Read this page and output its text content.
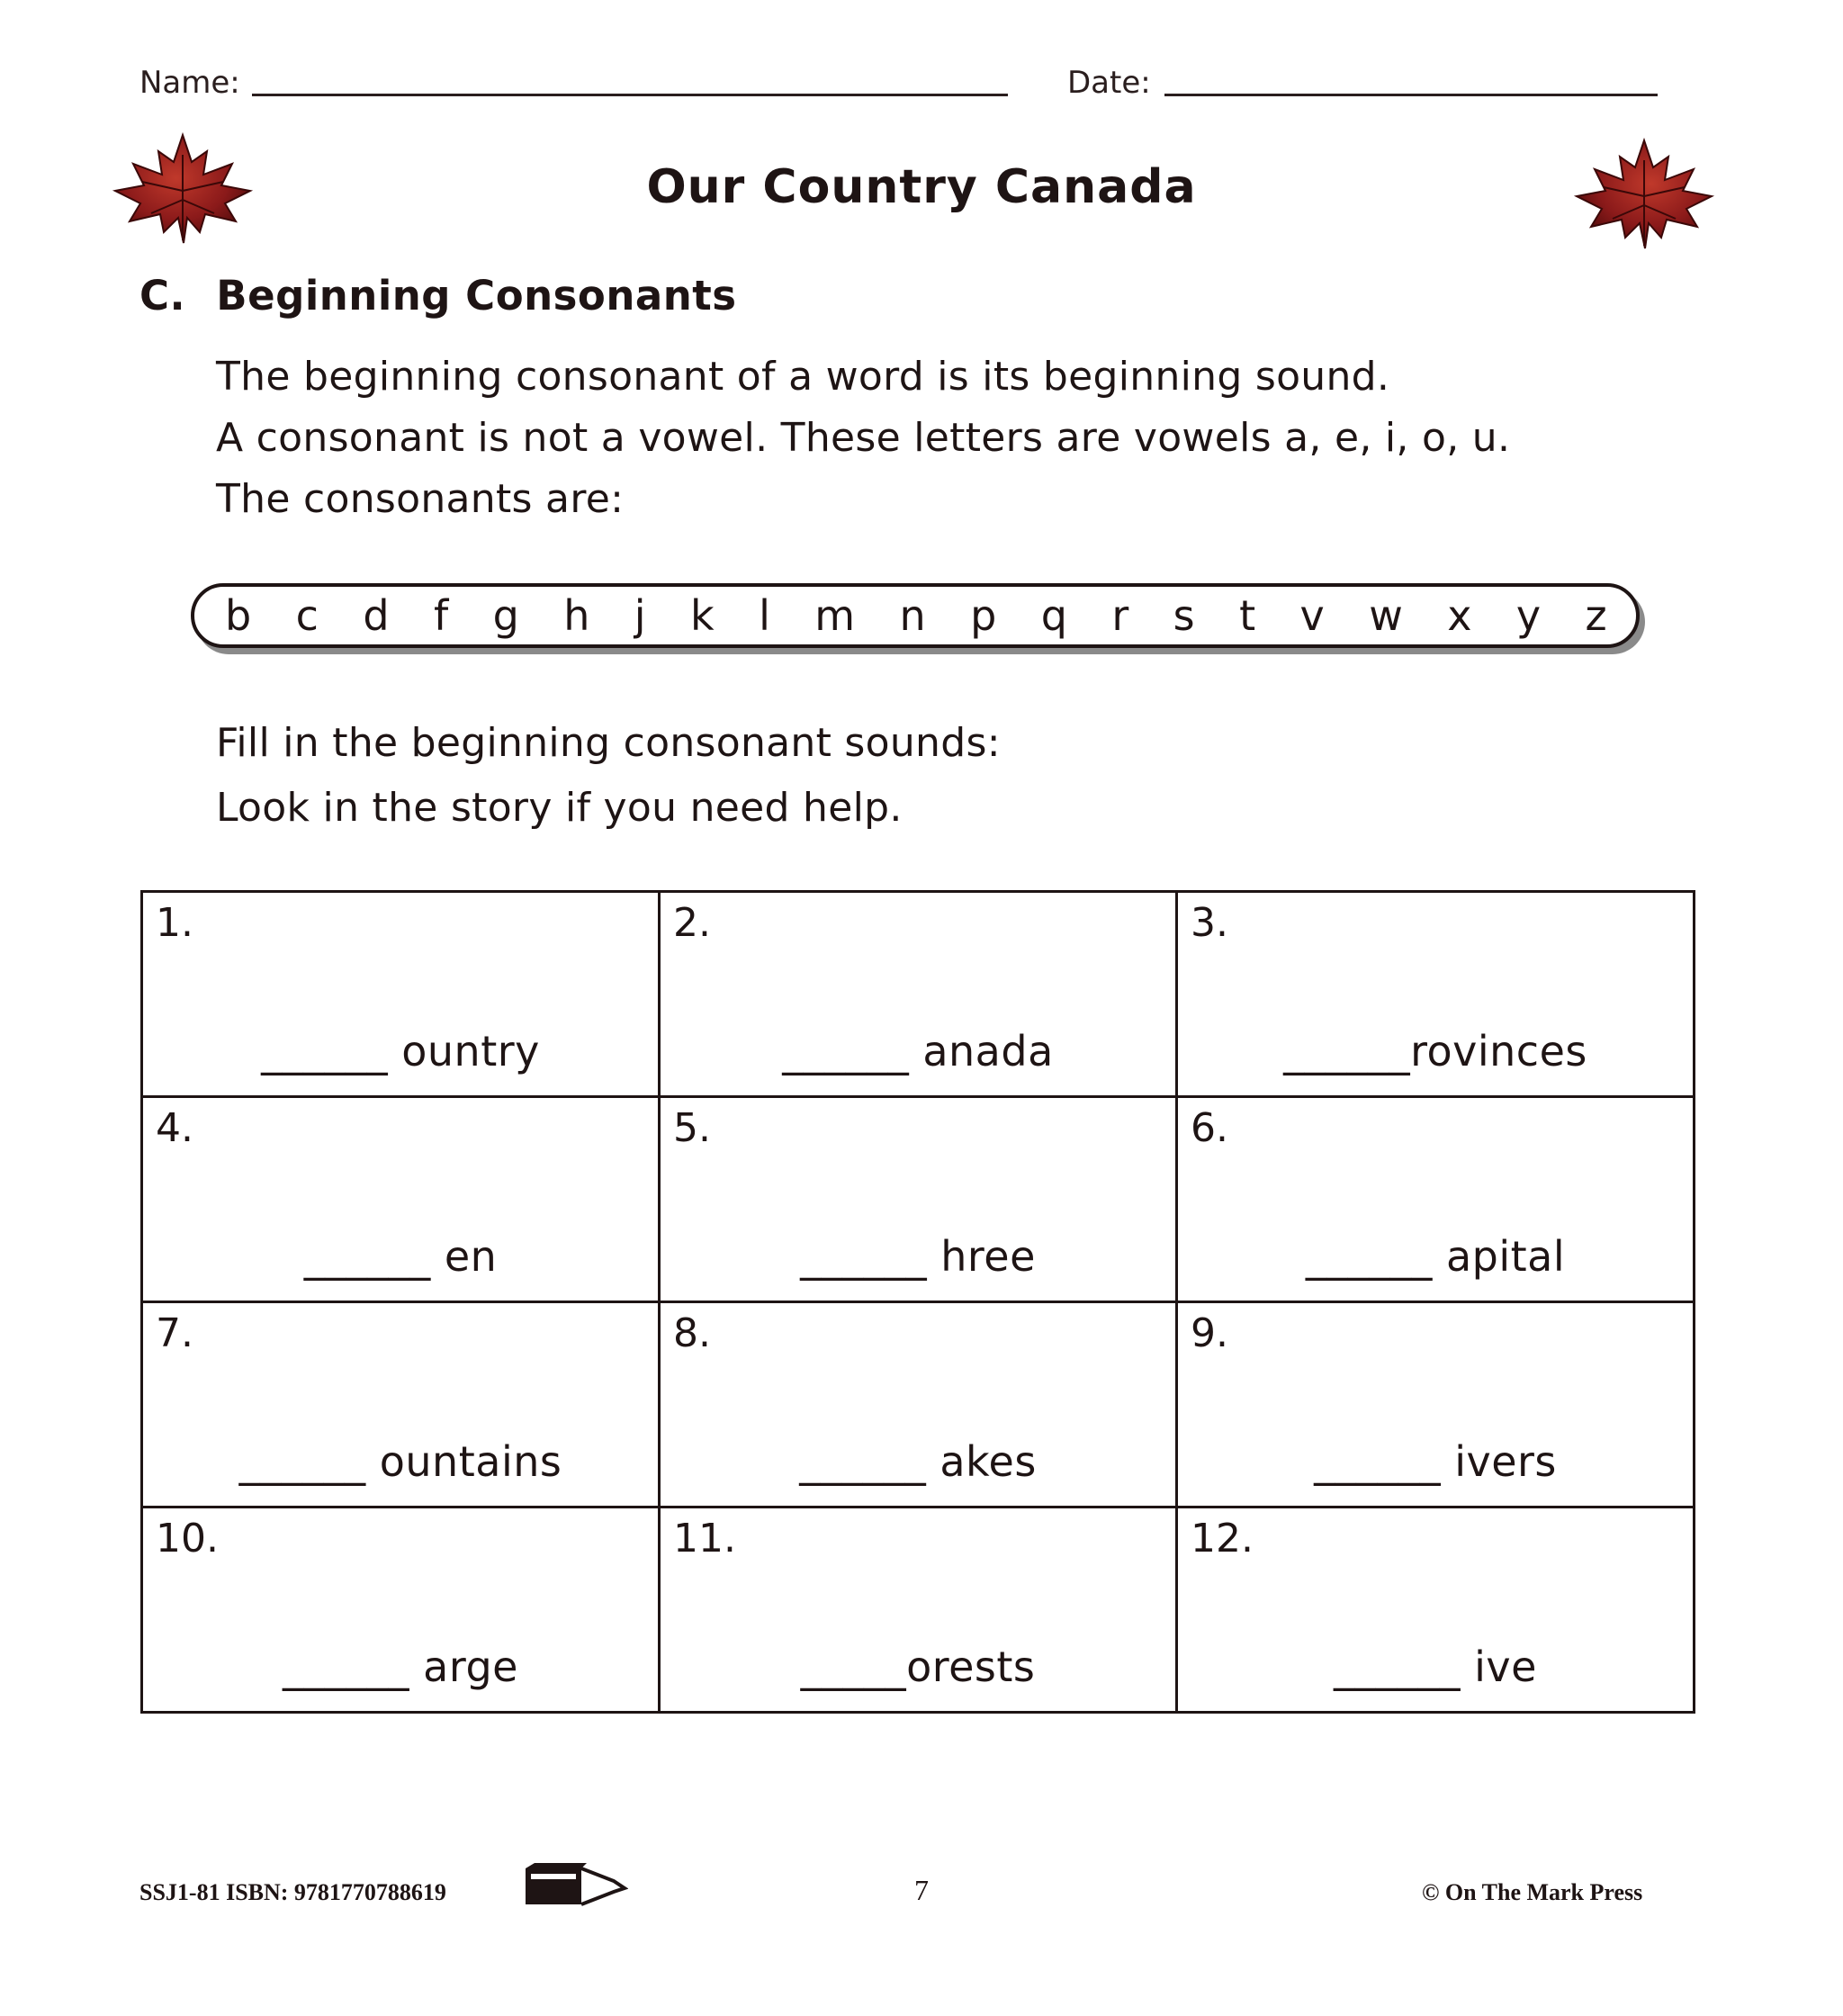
Name:	Date:
Our Country Canada
C. Beginning Consonants
The beginning consonant of a word is its beginning sound.
A consonant is not a vowel. These letters are vowels a, e, i, o, u.
The consonants are:
b c d f g h j k l m n p q r s t v w x y z
Fill in the beginning consonant sounds:
Look in the story if you need help.
1.
______ ountry	2.
______ anada	3.
______rovinces

4.
______ en	5.
______ hree	6.
______ apital

7.
______ ountains	8.
______ akes	9.
______ ivers

10.
______ arge	11.
_____orests	12.
______ ive
SSJ1-81 ISBN: 9781770788619	7	© On The Mark Press
